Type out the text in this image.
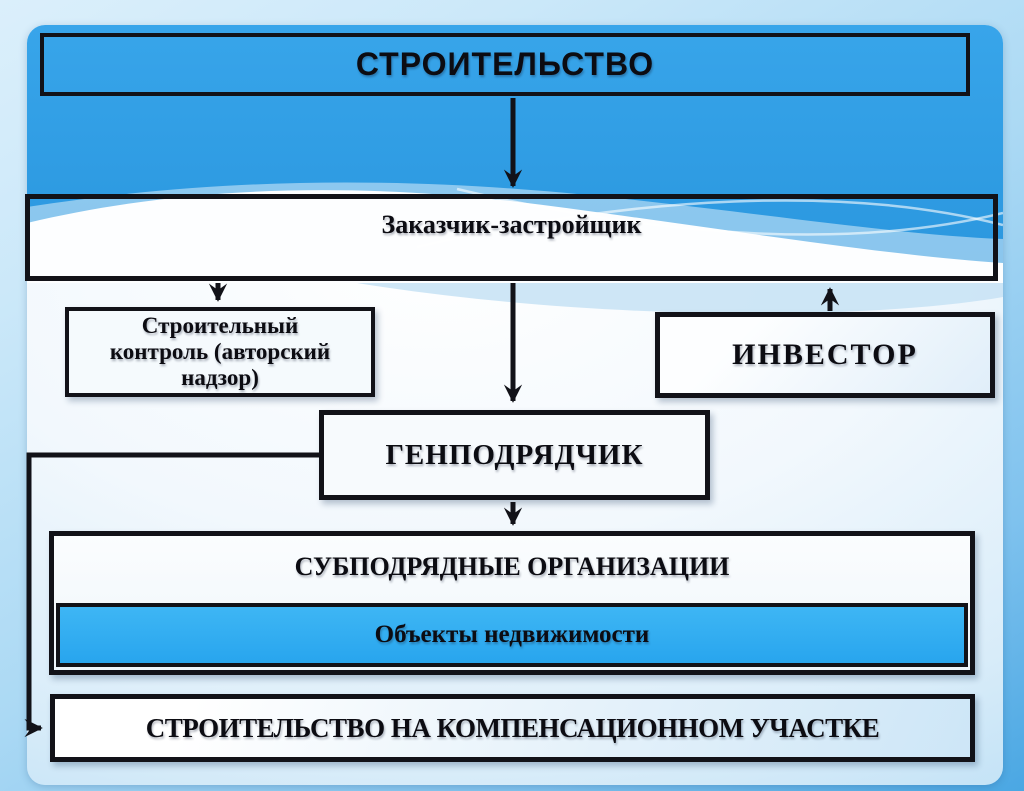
СТРОИТЕЛЬСТВО
Заказчик-застройщик
Строительный
контроль (авторский
надзор)
ИНВЕСТОР
ГЕНПОДРЯДЧИК
СУБПОДРЯДНЫЕ ОРГАНИЗАЦИИ
Объекты недвижимости
СТРОИТЕЛЬСТВО НА КОМПЕНСАЦИОННОМ УЧАСТКЕ
